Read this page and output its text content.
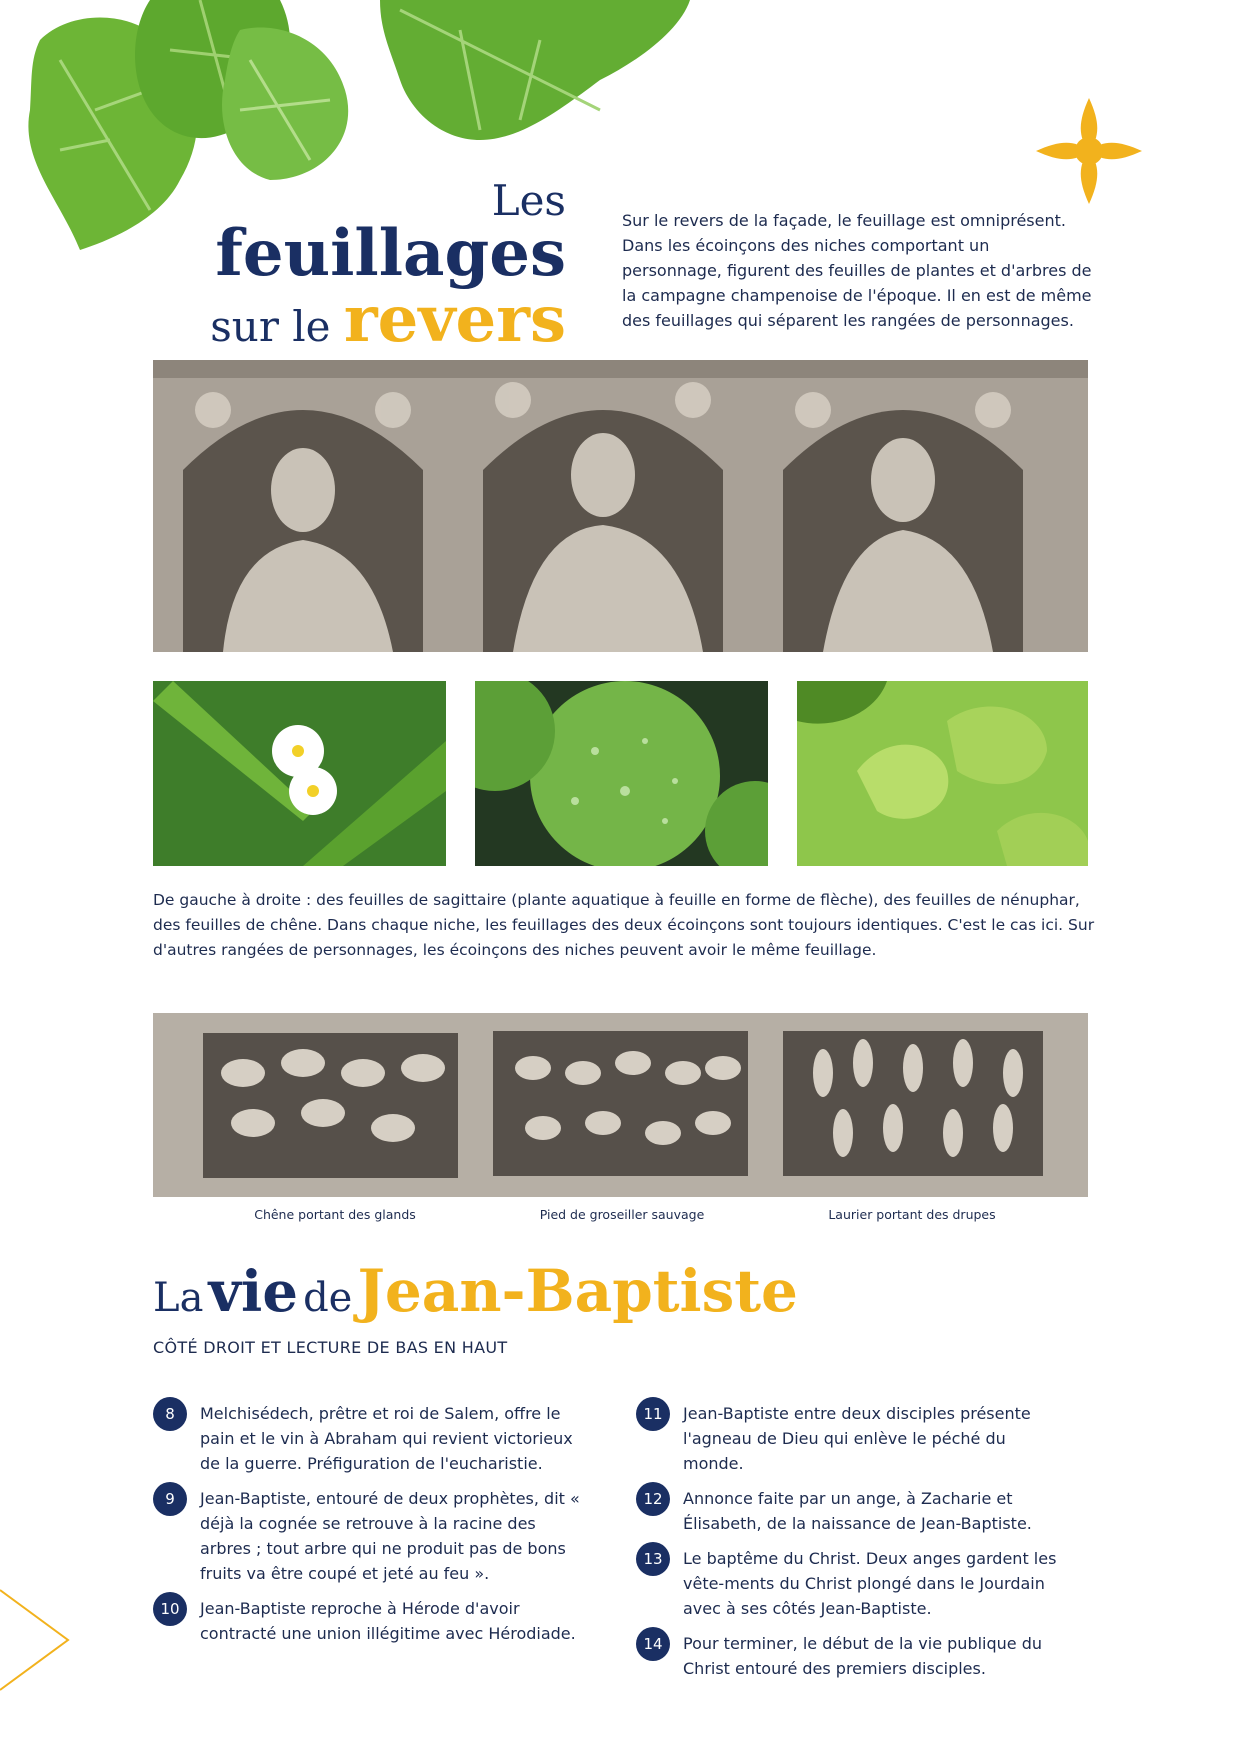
Les feuillages
sur le revers
Sur le revers de la façade, le feuillage est omniprésent. Dans les écoinçons des niches comportant un personnage, figurent des feuilles de plantes et d'arbres de la campagne champenoise de l'époque. Il en est de même des feuillages qui séparent les rangées de personnages.
De gauche à droite : des feuilles de sagittaire (plante aquatique à feuille en forme de flèche), des feuilles de nénuphar, des feuilles de chêne. Dans chaque niche, les feuillages des deux écoinçons sont toujours identiques. C'est le cas ici. Sur d'autres rangées de personnages, les écoinçons des niches peuvent avoir le même feuillage.
Chêne portant des glands	Pied de groseiller sauvage	Laurier portant des drupes
La vie de Jean-Baptiste
CÔTÉ DROIT ET LECTURE DE BAS EN HAUT
8	Melchisédech, prêtre et roi de Salem, offre le pain et le vin à Abraham qui revient victorieux de la guerre. Préfiguration de l'eucharistie.
9	Jean-Baptiste, entouré de deux prophètes, dit « déjà la cognée se retrouve à la racine des arbres ; tout arbre qui ne produit pas de bons fruits va être coupé et jeté au feu ».
10	Jean-Baptiste reproche à Hérode d'avoir contracté une union illégitime avec Hérodiade.
11	Jean-Baptiste entre deux disciples présente l'agneau de Dieu qui enlève le péché du monde.
12	Annonce faite par un ange, à Zacharie et Élisabeth, de la naissance de Jean-Baptiste.
13	Le baptême du Christ. Deux anges gardent les vête-ments du Christ plongé dans le Jourdain avec à ses côtés Jean-Baptiste.
14	Pour terminer, le début de la vie publique du Christ entouré des premiers disciples.
